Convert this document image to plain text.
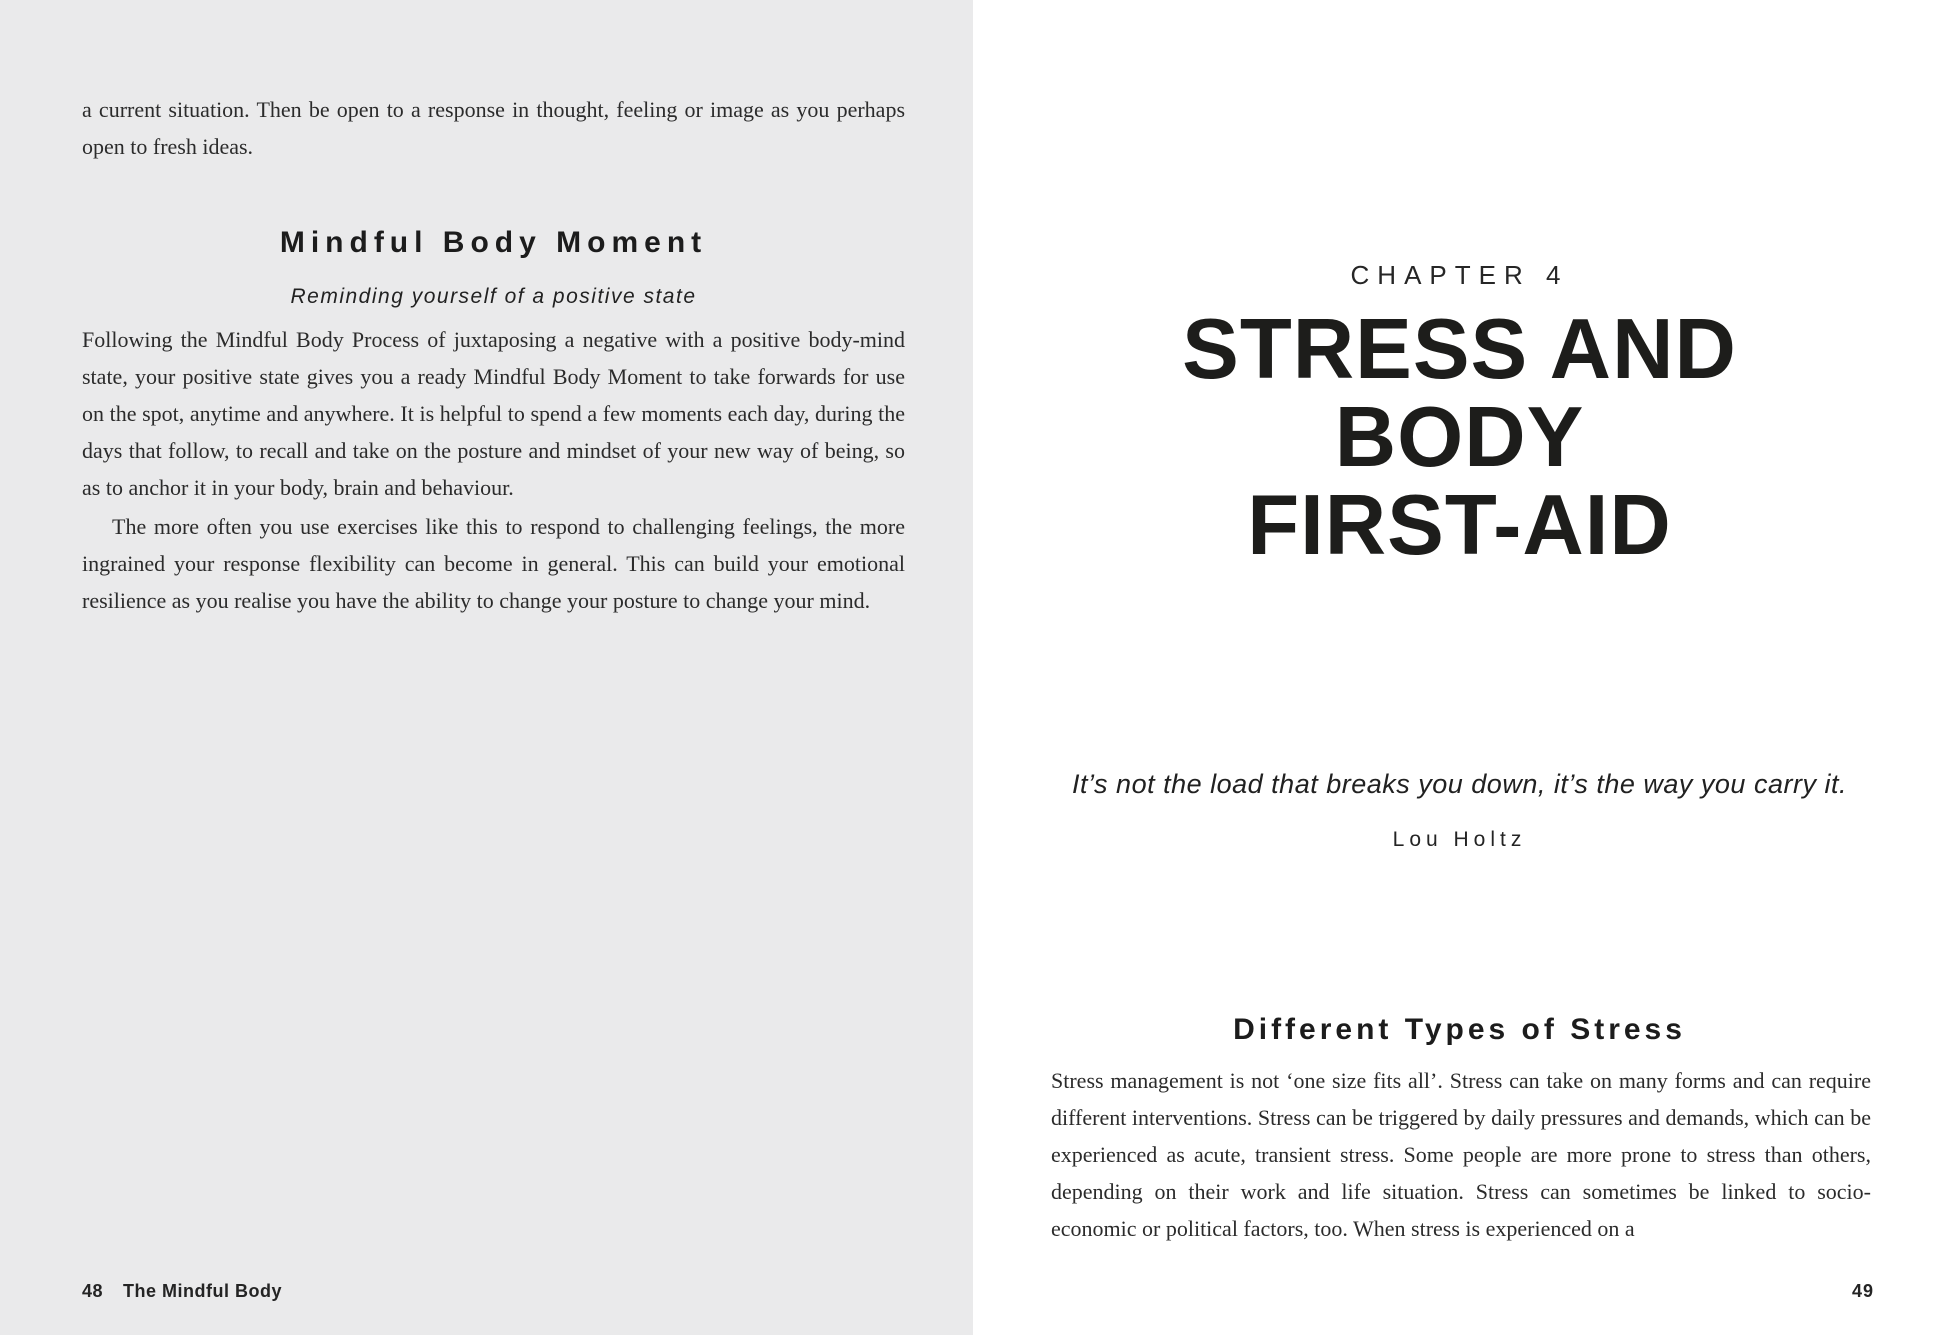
a current situation. Then be open to a response in thought, feeling or image as you perhaps open to fresh ideas.

Mindful Body Moment
Reminding yourself of a positive state

Following the Mindful Body Process of juxtaposing a negative with a positive body-mind state, your positive state gives you a ready Mindful Body Moment to take forwards for use on the spot, anytime and anywhere. It is helpful to spend a few moments each day, during the days that follow, to recall and take on the posture and mindset of your new way of being, so as to anchor it in your body, brain and behaviour.

The more often you use exercises like this to respond to challenging feelings, the more ingrained your response flexibility can become in general. This can build your emotional resilience as you realise you have the ability to change your posture to change your mind.

48 The Mindful Body
CHAPTER 4
STRESS AND
BODY
FIRST-AID
It’s not the load that breaks you down, it’s the way you carry it.
Lou Holtz
Different Types of Stress

Stress management is not ‘one size fits all’. Stress can take on many forms and can require different interventions. Stress can be triggered by daily pressures and demands, which can be experienced as acute, transient stress. Some people are more prone to stress than others, depending on their work and life situation. Stress can sometimes be linked to socio-economic or political factors, too. When stress is experienced on a

49
